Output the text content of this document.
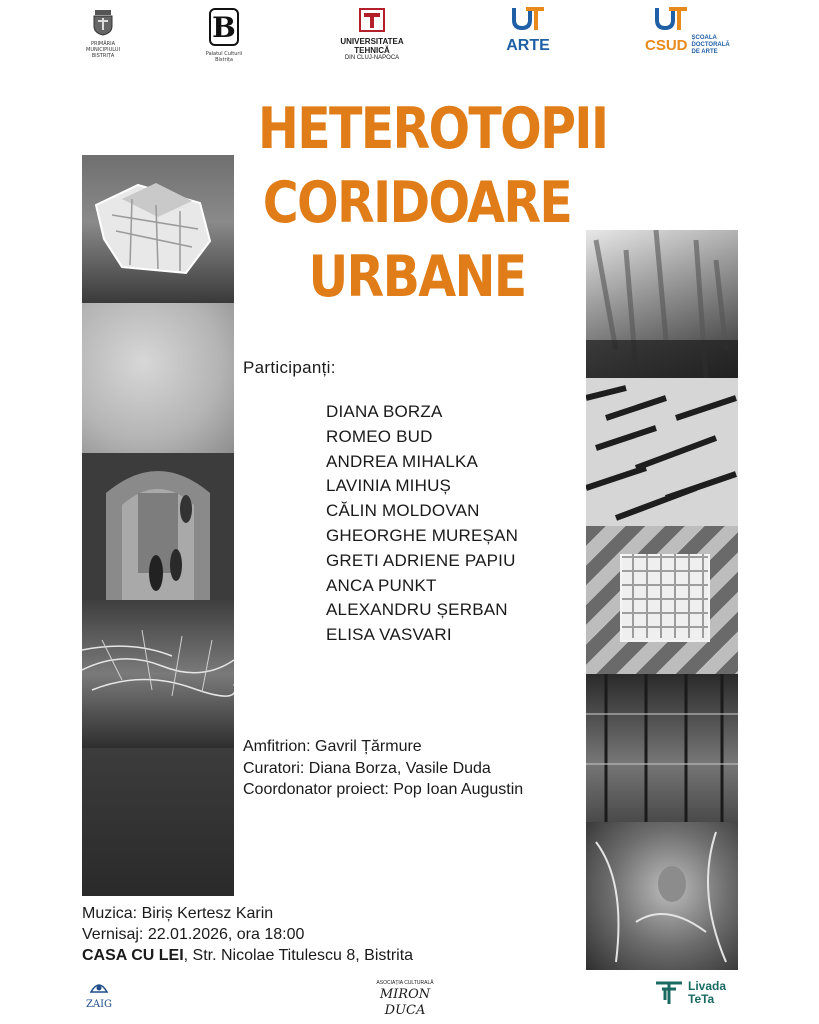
PRIMĂRIA
MUNICIPIULUI
BISTRIȚA
B
Palatul Culturii
Bistrița
UNIVERSITATEA
TEHNICĂ
DIN CLUJ-NAPOCA
ARTE	CSUD ȘCOALA
DOCTORALĂ
DE ARTE
HETEROTOPII
CORIDOARE
URBANE
Participanți:
DIANA BORZA
ROMEO BUD
ANDREA MIHALKA
LAVINIA MIHUȘ
CĂLIN MOLDOVAN
GHEORGHE MUREȘAN
GRETI ADRIENE PAPIU
ANCA PUNKT
ALEXANDRU ȘERBAN
ELISA VASVARI
Amfitrion: Gavril Țărmure
Curatori: Diana Borza, Vasile Duda
Coordonator proiect: Pop Ioan Augustin
Muzica: Biriș Kertesz Karin
Vernisaj: 22.01.2026, ora 18:00
CASA CU LEI, Str. Nicolae Titulescu 8, Bistrita
ZAIG
ASOCIAȚIA CULTURALĂ
MIRON DUCA
Livada
TeTa
